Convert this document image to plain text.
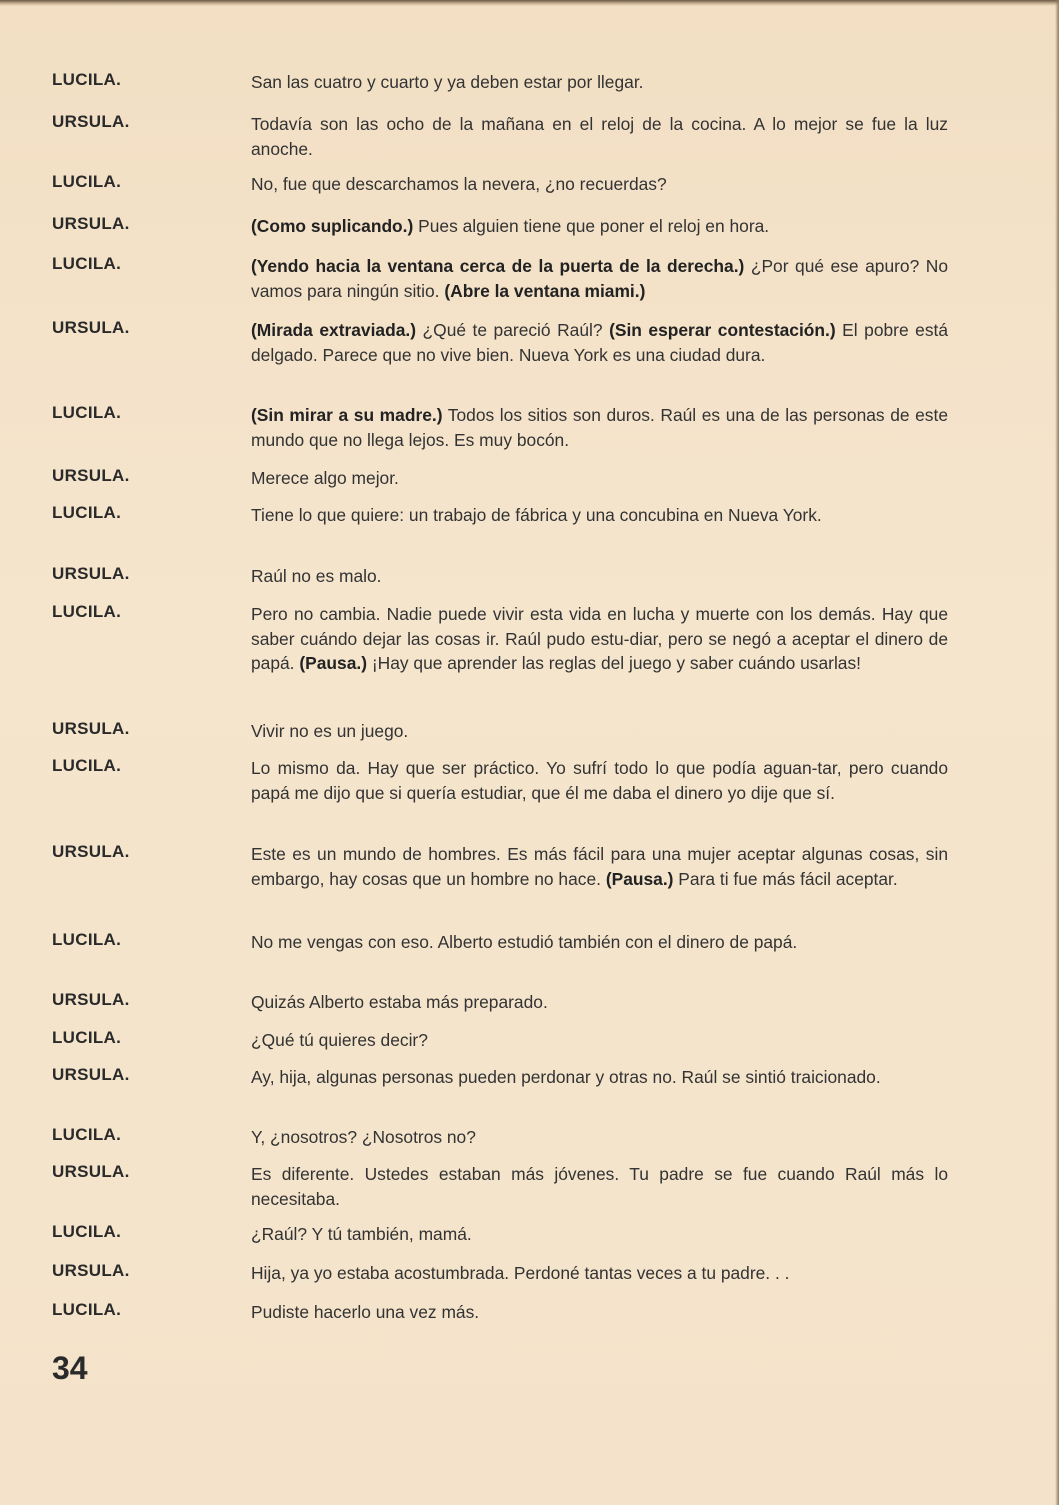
LUCILA.	San las cuatro y cuarto y ya deben estar por llegar.
URSULA.	Todavía son las ocho de la mañana en el reloj de la cocina. A lo mejor se fue la luz anoche.
LUCILA.	No, fue que descarchamos la nevera, ¿no recuerdas?
URSULA.	(Como suplicando.) Pues alguien tiene que poner el reloj en hora.
LUCILA.	(Yendo hacia la ventana cerca de la puerta de la derecha.) ¿Por qué ese apuro? No vamos para ningún sitio. (Abre la ventana miami.)
URSULA.	(Mirada extraviada.) ¿Qué te pareció Raúl? (Sin esperar contestación.) El pobre está delgado. Parece que no vive bien. Nueva York es una ciudad dura.
LUCILA.	(Sin mirar a su madre.) Todos los sitios son duros. Raúl es una de las personas de este mundo que no llega lejos. Es muy bocón.
URSULA.	Merece algo mejor.
LUCILA.	Tiene lo que quiere: un trabajo de fábrica y una concubina en Nueva York.
URSULA.	Raúl no es malo.
LUCILA.	Pero no cambia. Nadie puede vivir esta vida en lucha y muerte con los demás. Hay que saber cuándo dejar las cosas ir. Raúl pudo estu-diar, pero se negó a aceptar el dinero de papá. (Pausa.) ¡Hay que aprender las reglas del juego y saber cuándo usarlas!
URSULA.	Vivir no es un juego.
LUCILA.	Lo mismo da. Hay que ser práctico. Yo sufrí todo lo que podía aguan-tar, pero cuando papá me dijo que si quería estudiar, que él me daba el dinero yo dije que sí.
URSULA.	Este es un mundo de hombres. Es más fácil para una mujer aceptar algunas cosas, sin embargo, hay cosas que un hombre no hace. (Pausa.) Para ti fue más fácil aceptar.
LUCILA.	No me vengas con eso. Alberto estudió también con el dinero de papá.
URSULA.	Quizás Alberto estaba más preparado.
LUCILA.	¿Qué tú quieres decir?
URSULA.	Ay, hija, algunas personas pueden perdonar y otras no. Raúl se sintió traicionado.
LUCILA.	Y, ¿nosotros? ¿Nosotros no?
URSULA.	Es diferente. Ustedes estaban más jóvenes. Tu padre se fue cuando Raúl más lo necesitaba.
LUCILA.	¿Raúl? Y tú también, mamá.
URSULA.	Hija, ya yo estaba acostumbrada. Perdoné tantas veces a tu padre. . .
LUCILA.	Pudiste hacerlo una vez más.
34
